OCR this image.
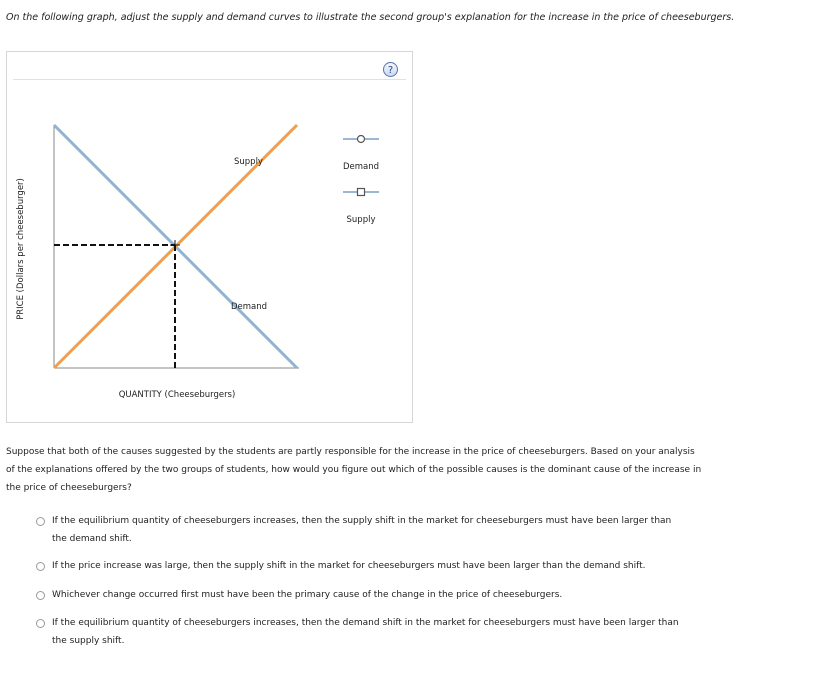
On the following graph, adjust the supply and demand curves to illustrate the second group's explanation for the increase in the price of cheeseburgers.
?
PRICE (Dollars per cheeseburger)
Supply
Demand
QUANTITY (Cheeseburgers)
Demand
Supply
Suppose that both of the causes suggested by the students are partly responsible for the increase in the price of cheeseburgers. Based on your analysis of the explanations offered by the two groups of students, how would you figure out which of the possible causes is the dominant cause of the increase in the price of cheeseburgers?
If the equilibrium quantity of cheeseburgers increases, then the supply shift in the market for cheeseburgers must have been larger than the demand shift.
If the price increase was large, then the supply shift in the market for cheeseburgers must have been larger than the demand shift.
Whichever change occurred first must have been the primary cause of the change in the price of cheeseburgers.
If the equilibrium quantity of cheeseburgers increases, then the demand shift in the market for cheeseburgers must have been larger than the supply shift.
